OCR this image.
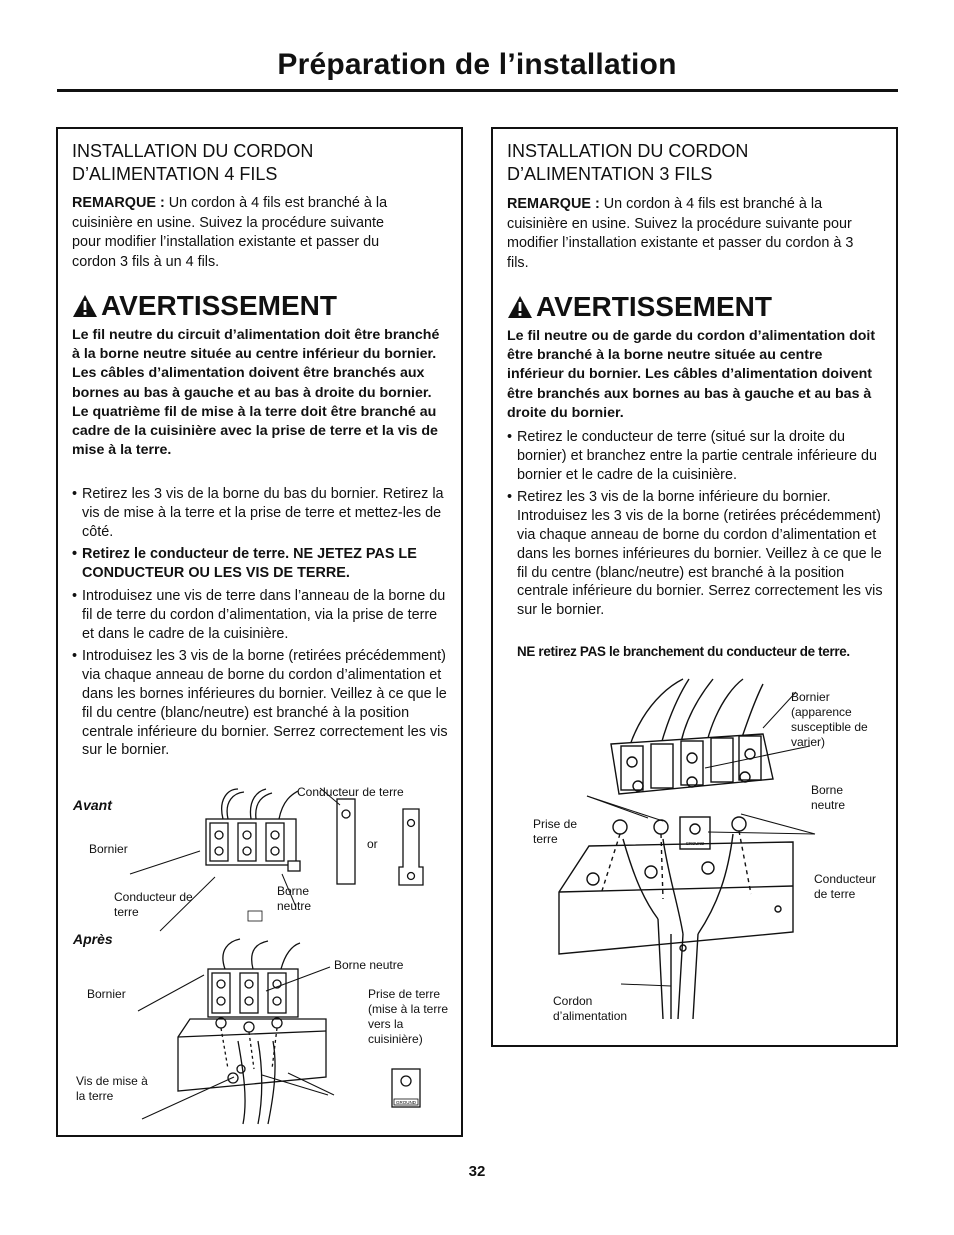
Préparation de l’installation
INSTALLATION DU CORDON D’ALIMENTATION 4 FILS

REMARQUE : Un cordon à 4 fils est branché à la cuisinière en usine. Suivez la procédure suivante pour modifier l’installation existante et passer du cordon 3 fils à un 4 fils.

AVERTISSEMENT

Le fil neutre du circuit d’alimentation doit être branché à la borne neutre située au centre inférieur du bornier. Les câbles d’alimentation doivent être branchés aux bornes au bas à gauche et au bas à droite du bornier. Le quatrième fil de mise à la terre doit être branché au cadre de la cuisinière avec la prise de terre et la vis de mise à la terre.

• Retirez les 3 vis de la borne du bas du bornier. Retirez la vis de mise à la terre et la prise de terre et mettez-les de côté.
• Retirez le conducteur de terre. NE JETEZ PAS LE CONDUCTEUR OU LES VIS DE TERRE.
• Introduisez une vis de terre dans l’anneau de la borne du fil de terre du cordon d’alimentation, via la prise de terre et dans le cadre de la cuisinière.
• Introduisez les 3 vis de la borne (retirées précédemment) via chaque anneau de borne du cordon d’alimentation et dans les bornes inférieures du bornier. Veillez à ce que le fil du centre (blanc/neutre) est branché à la position centrale inférieure du bornier. Serrez correctement les vis sur le bornier.
Avant
Après
GROUND
Conducteur de terre
or
Bornier
Conducteur de terre
Borne neutre
Borne neutre
Bornier	Prise de terre (mise à la terre vers la cuisinière)
Vis de mise à la terre
INSTALLATION DU CORDON D’ALIMENTATION 3 FILS

REMARQUE : Un cordon à 4 fils est branché à la cuisinière en usine. Suivez la procédure suivante pour modifier l’installation existante et passer du cordon à 3 fils.

AVERTISSEMENT

Le fil neutre ou de garde du cordon d’alimentation doit être branché à la borne neutre située au centre inférieur du bornier. Les câbles d’alimentation doivent être branchés aux bornes au bas à gauche et au bas à droite du bornier.

• Retirez le conducteur de terre (situé sur la droite du bornier) et branchez entre la partie centrale inférieure du bornier et le cadre de la cuisinière.
• Retirez les 3 vis de la borne inférieure du bornier. Introduisez les 3 vis de la borne (retirées précédemment) via chaque anneau de borne du cordon d’alimentation et dans les bornes inférieures du bornier. Veillez à ce que le fil du centre (blanc/neutre) est branché à la position centrale inférieure du bornier. Serrez correctement les vis sur le bornier.
NE retirez PAS le branchement du conducteur de terre.
GROUND
Bornier (apparence susceptible de varier)
Borne neutre
Prise de terre
Conducteur de terre
Cordon d’alimentation
32
